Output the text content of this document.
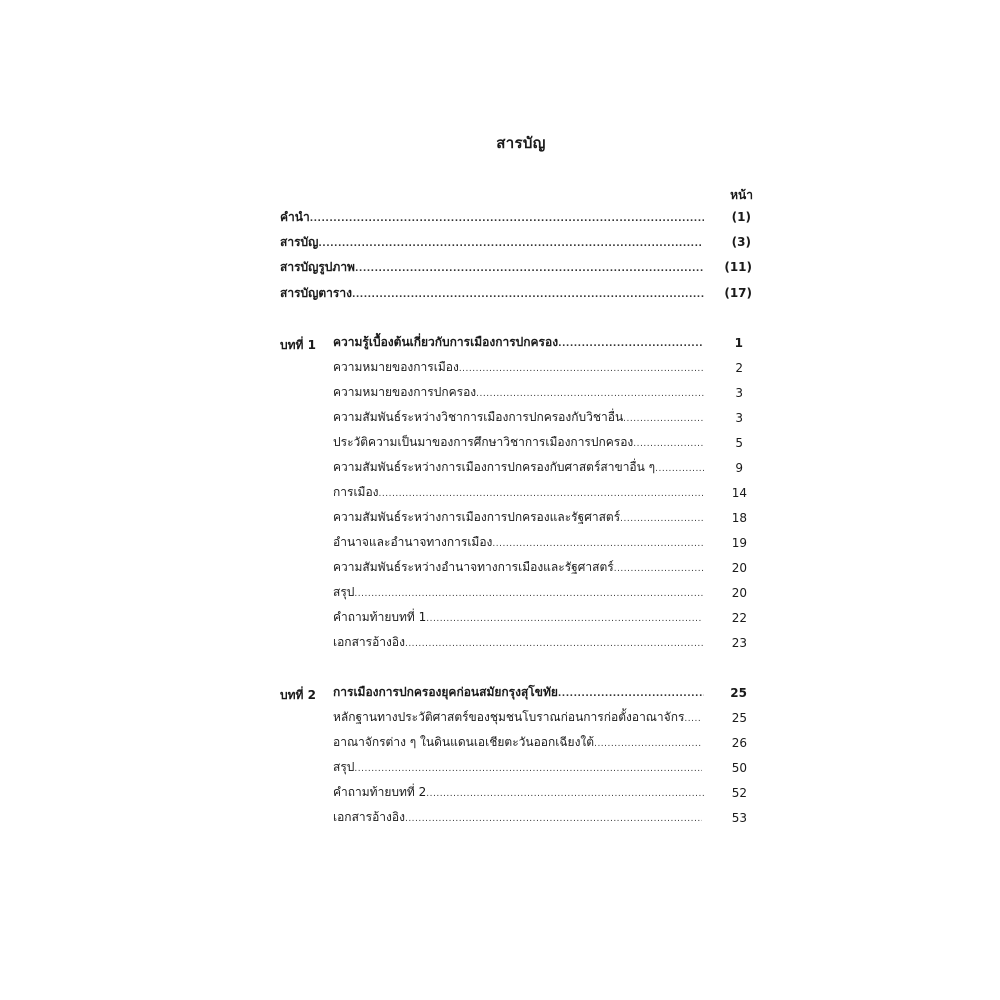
สารบัญ
หน้า
คำนำ .....	(1)
สารบัญ .....	(3)
สารบัญรูปภาพ .....	(11)
สารบัญตาราง .....	(17)
บทที่ 1 ความรู้เบื้องต้นเกี่ยวกับการเมืองการปกครอง .....	1
ความหมายของการเมือง .....	2
ความหมายของการปกครอง .....	3
ความสัมพันธ์ระหว่างวิชาการเมืองการปกครองกับวิชาอื่น .....	3
ประวัติความเป็นมาของการศึกษาวิชาการเมืองการปกครอง .....	5
ความสัมพันธ์ระหว่างการเมืองการปกครองกับศาสตร์สาขาอื่น ๆ .....	9
การเมือง .....	14
ความสัมพันธ์ระหว่างการเมืองการปกครองและรัฐศาสตร์ .....	18
อำนาจและอำนาจทางการเมือง .....	19
ความสัมพันธ์ระหว่างอำนาจทางการเมืองและรัฐศาสตร์ .....	20
สรุป .....	20
คำถามท้ายบทที่ 1 .....	22
เอกสารอ้างอิง .....	23
บทที่ 2 การเมืองการปกครองยุคก่อนสมัยกรุงสุโขทัย .....	25
หลักฐานทางประวัติศาสตร์ของชุมชนโบราณก่อนการก่อตั้งอาณาจักร .....	25
อาณาจักรต่าง ๆ ในดินแดนเอเชียตะวันออกเฉียงใต้ .....	26
สรุป .....	50
คำถามท้ายบทที่ 2 .....	52
เอกสารอ้างอิง .....	53
